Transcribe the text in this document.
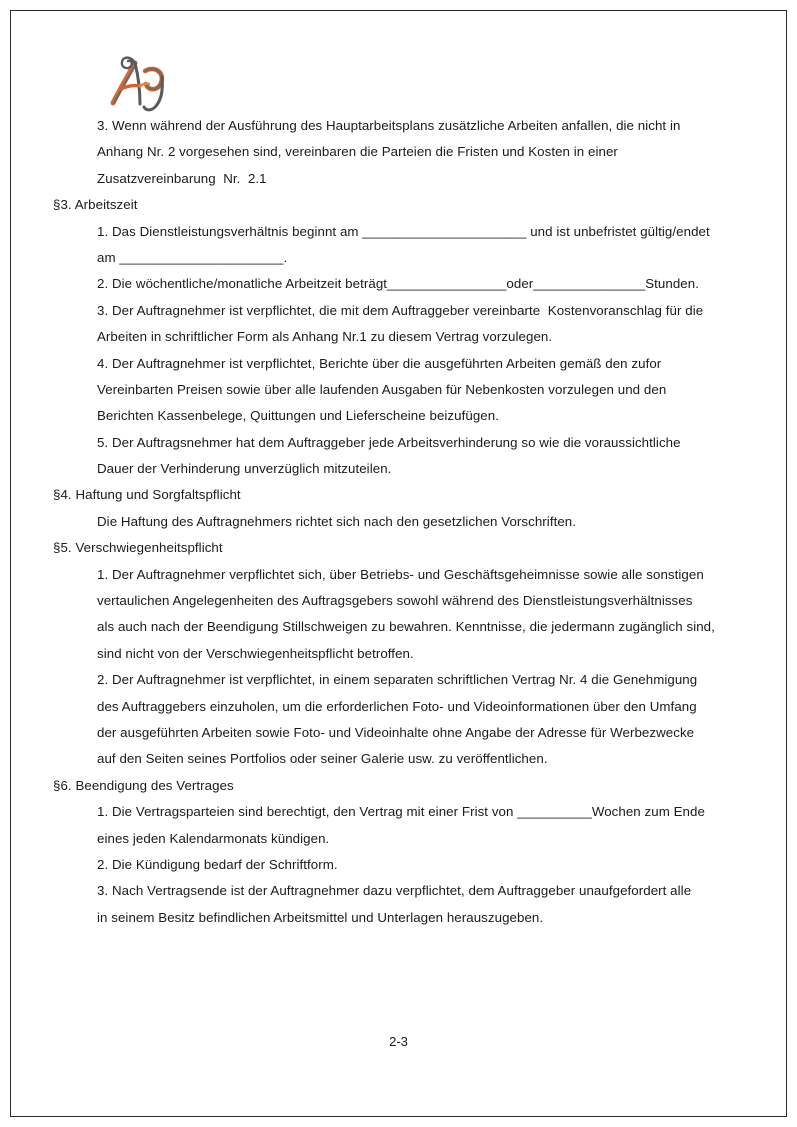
3. Wenn während der Ausführung des Hauptarbeitsplans zusätzliche Arbeiten anfallen, die nicht in
Anhang Nr. 2 vorgesehen sind, vereinbaren die Parteien die Fristen und Kosten in einer
Zusatzvereinbarung  Nr.  2.1
§3. Arbeitszeit
1. Das Dienstleistungsverhältnis beginnt am ______________________ und ist unbefristet gültig/endet
am ______________________.
2. Die wöchentliche/monatliche Arbeitzeit beträgt________________oder_______________Stunden.
3. Der Auftragnehmer ist verpflichtet, die mit dem Auftraggeber vereinbarte  Kostenvoranschlag für die
Arbeiten in schriftlicher Form als Anhang Nr.1 zu diesem Vertrag vorzulegen.
4. Der Auftragnehmer ist verpflichtet, Berichte über die ausgeführten Arbeiten gemäß den zufor
Vereinbarten Preisen sowie über alle laufenden Ausgaben für Nebenkosten vorzulegen und den
Berichten Kassenbelege, Quittungen und Lieferscheine beizufügen.
5. Der Auftragsnehmer hat dem Auftraggeber jede Arbeitsverhinderung so wie die voraussichtliche
Dauer der Verhinderung unverzüglich mitzuteilen.
§4. Haftung und Sorgfaltspflicht
Die Haftung des Auftragnehmers richtet sich nach den gesetzlichen Vorschriften.
§5. Verschwiegenheitspflicht
1. Der Auftragnehmer verpflichtet sich, über Betriebs- und Geschäftsgeheimnisse sowie alle sonstigen
vertaulichen Angelegenheiten des Auftragsgebers sowohl während des Dienstleistungsverhältnisses
als auch nach der Beendigung Stillschweigen zu bewahren. Kenntnisse, die jedermann zugänglich sind,
sind nicht von der Verschwiegenheitspflicht betroffen.
2. Der Auftragnehmer ist verpflichtet, in einem separaten schriftlichen Vertrag Nr. 4 die Genehmigung
des Auftraggebers einzuholen, um die erforderlichen Foto- und Videoinformationen über den Umfang
der ausgeführten Arbeiten sowie Foto- und Videoinhalte ohne Angabe der Adresse für Werbezwecke
auf den Seiten seines Portfolios oder seiner Galerie usw. zu veröffentlichen.
§6. Beendigung des Vertrages
1. Die Vertragsparteien sind berechtigt, den Vertrag mit einer Frist von __________Wochen zum Ende
eines jeden Kalendarmonats kündigen.
2. Die Kündigung bedarf der Schriftform.
3. Nach Vertragsende ist der Auftragnehmer dazu verpflichtet, dem Auftraggeber unaufgefordert alle
in seinem Besitz befindlichen Arbeitsmittel und Unterlagen herauszugeben.
2-3
